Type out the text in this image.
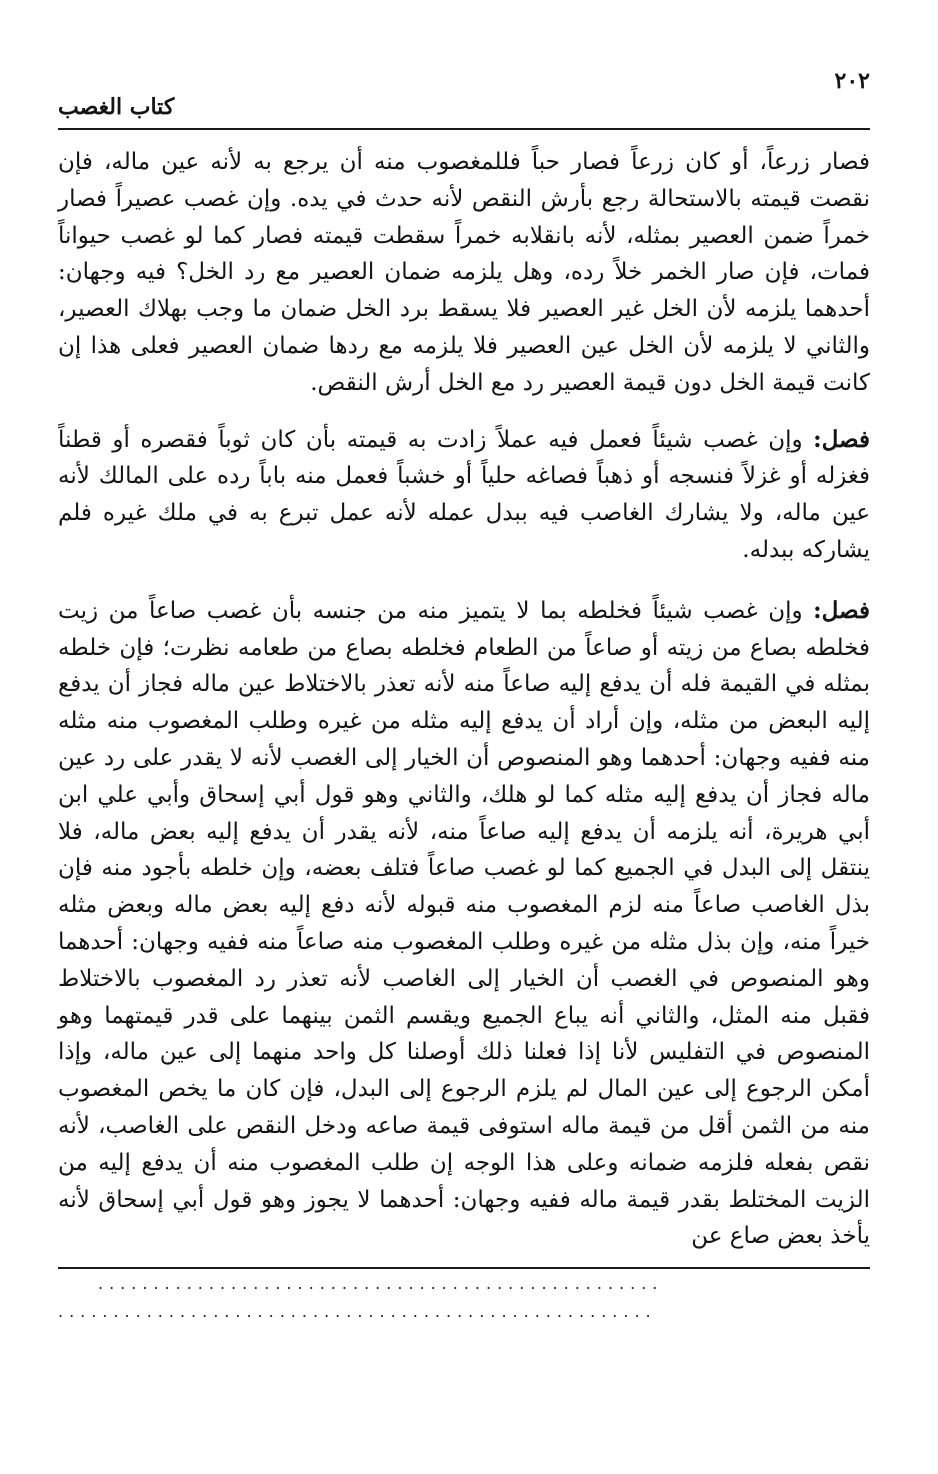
٢٠٢
كتاب الغصب

فصار زرعاً، أو كان زرعاً فصار حباً فللمغصوب منه أن يرجع به لأنه عين ماله، فإن نقصت قيمته بالاستحالة رجع بأرش النقص لأنه حدث في يده. وإن غصب عصيراً فصار خمراً ضمن العصير بمثله، لأنه بانقلابه خمراً سقطت قيمته فصار كما لو غصب حيواناً فمات، فإن صار الخمر خلاً رده، وهل يلزمه ضمان العصير مع رد الخل؟ فيه وجهان: أحدهما يلزمه لأن الخل غير العصير فلا يسقط برد الخل ضمان ما وجب بهلاك العصير، والثاني لا يلزمه لأن الخل عين العصير فلا يلزمه مع ردها ضمان العصير فعلى هذا إن كانت قيمة الخل دون قيمة العصير رد مع الخل أرش النقص.

فصل: وإن غصب شيئاً فعمل فيه عملاً زادت به قيمته بأن كان ثوباً فقصره أو قطناً فغزله أو غزلاً فنسجه أو ذهباً فصاغه حلياً أو خشباً فعمل منه باباً رده على المالك لأنه عين ماله، ولا يشارك الغاصب فيه ببدل عمله لأنه عمل تبرع به في ملك غيره فلم يشاركه ببدله.

فصل: وإن غصب شيئاً فخلطه بما لا يتميز منه من جنسه بأن غصب صاعاً من زيت فخلطه بصاع من زيته أو صاعاً من الطعام فخلطه بصاع من طعامه نظرت؛ فإن خلطه بمثله في القيمة فله أن يدفع إليه صاعاً منه لأنه تعذر بالاختلاط عين ماله فجاز أن يدفع إليه البعض من مثله، وإن أراد أن يدفع إليه مثله من غيره وطلب المغصوب منه مثله منه ففيه وجهان: أحدهما وهو المنصوص أن الخيار إلى الغصب لأنه لا يقدر على رد عين ماله فجاز أن يدفع إليه مثله كما لو هلك، والثاني وهو قول أبي إسحاق وأبي علي ابن أبي هريرة، أنه يلزمه أن يدفع إليه صاعاً منه، لأنه يقدر أن يدفع إليه بعض ماله، فلا ينتقل إلى البدل في الجميع كما لو غصب صاعاً فتلف بعضه، وإن خلطه بأجود منه فإن بذل الغاصب صاعاً منه لزم المغصوب منه قبوله لأنه دفع إليه بعض ماله وبعض مثله خيراً منه، وإن بذل مثله من غيره وطلب المغصوب منه صاعاً منه ففيه وجهان: أحدهما وهو المنصوص في الغصب أن الخيار إلى الغاصب لأنه تعذر رد المغصوب بالاختلاط فقبل منه المثل، والثاني أنه يباع الجميع ويقسم الثمن بينهما على قدر قيمتهما وهو المنصوص في التفليس لأنا إذا فعلنا ذلك أوصلنا كل واحد منهما إلى عين ماله، وإذا أمكن الرجوع إلى عين المال لم يلزم الرجوع إلى البدل، فإن كان ما يخص المغصوب منه من الثمن أقل من قيمة ماله استوفى قيمة صاعه ودخل النقص على الغاصب، لأنه نقص بفعله فلزمه ضمانه وعلى هذا الوجه إن طلب المغصوب منه أن يدفع إليه من الزيت المختلط بقدر قيمة ماله ففيه وجهان: أحدهما لا يجوز وهو قول أبي إسحاق لأنه يأخذ بعض صاع عن

...................................................
......................................................
